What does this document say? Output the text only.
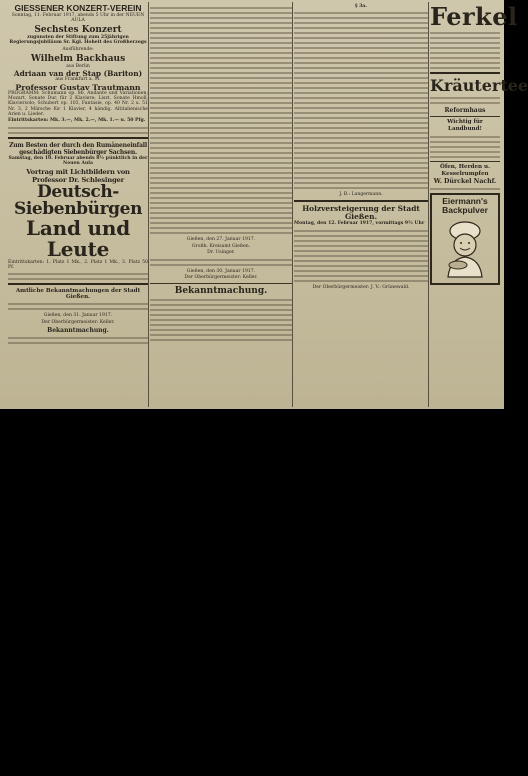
GIESSENER KONZERT-VEREIN
Sonntag, 11. Februar 1917, abends 5 Uhr in der NEUEN AULA
Sechstes Konzert
zugunsten der Stiftung zum 25jährigen Regierungsjubiläum Sr. Kgl. Hoheit des Großherzogs
Ausführende:
Wilhelm Backhaus
aus Berlin
Adriaan van der Stap (Bariton)
aus Frankfurt a. M.
Professor Gustav Trautmann
PROGRAMM: Schumann op. 86, Andante und Variationen; Mozart, Sonate Dur, für 2 Klaviere; Liszt, Sonate Hmoll, Klaviersolo; Schubert op. 103, Fantasie, op. 40 Nr. 2 u. 51 Nr. 3, 2 Märsche für 1 Klavier, 4 händig. Altitalienische Arien u. Lieder.
Eintrittskarten: Mk. 3.—, Mk. 2.—, Mk. 1.— u. 50 Pfg.
Zum Besten der durch den Rumäneneinfall geschädigten Siebenbürger Sachsen.
Samstag, den 10. Februar abends 8½ pünktlich in der Neuen Aula
Vortrag mit Lichtbildern von Professor Dr. Schlesinger
Deutsch-Siebenbürgen
Land und Leute
Eintrittskarten: 1. Platz 1 Mk., 2. Platz 1 Mk., 3. Platz 50 Pf.
Amtliche Bekanntmachungen der Stadt Gießen.
Gießen, den 31. Januar 1917.
Der Oberbürgermeister: Keller.
Bekanntmachung.
Gießen, den 27. Januar 1917.
Großh. Kreisamt Gießen.
Dr. Usinger.
Gießen, den 30. Januar 1917.
Der Oberbürgermeister: Keller.
Bekanntmachung.
§ 3a.
J. B.: Langermann.
Holzversteigerung der Stadt Gießen.
Montag, den 12. Februar 1917, vormittags 9½ Uhr
Der Oberbürgermeister: J. V.: Grünewald.
Ferkel
Kräutertee
Reformhaus
Wichtig für Landbund!
Öfen, Herden u. Kesselrumpfen
W. Dürckel Nachf.
Eiermann's Backpulver
